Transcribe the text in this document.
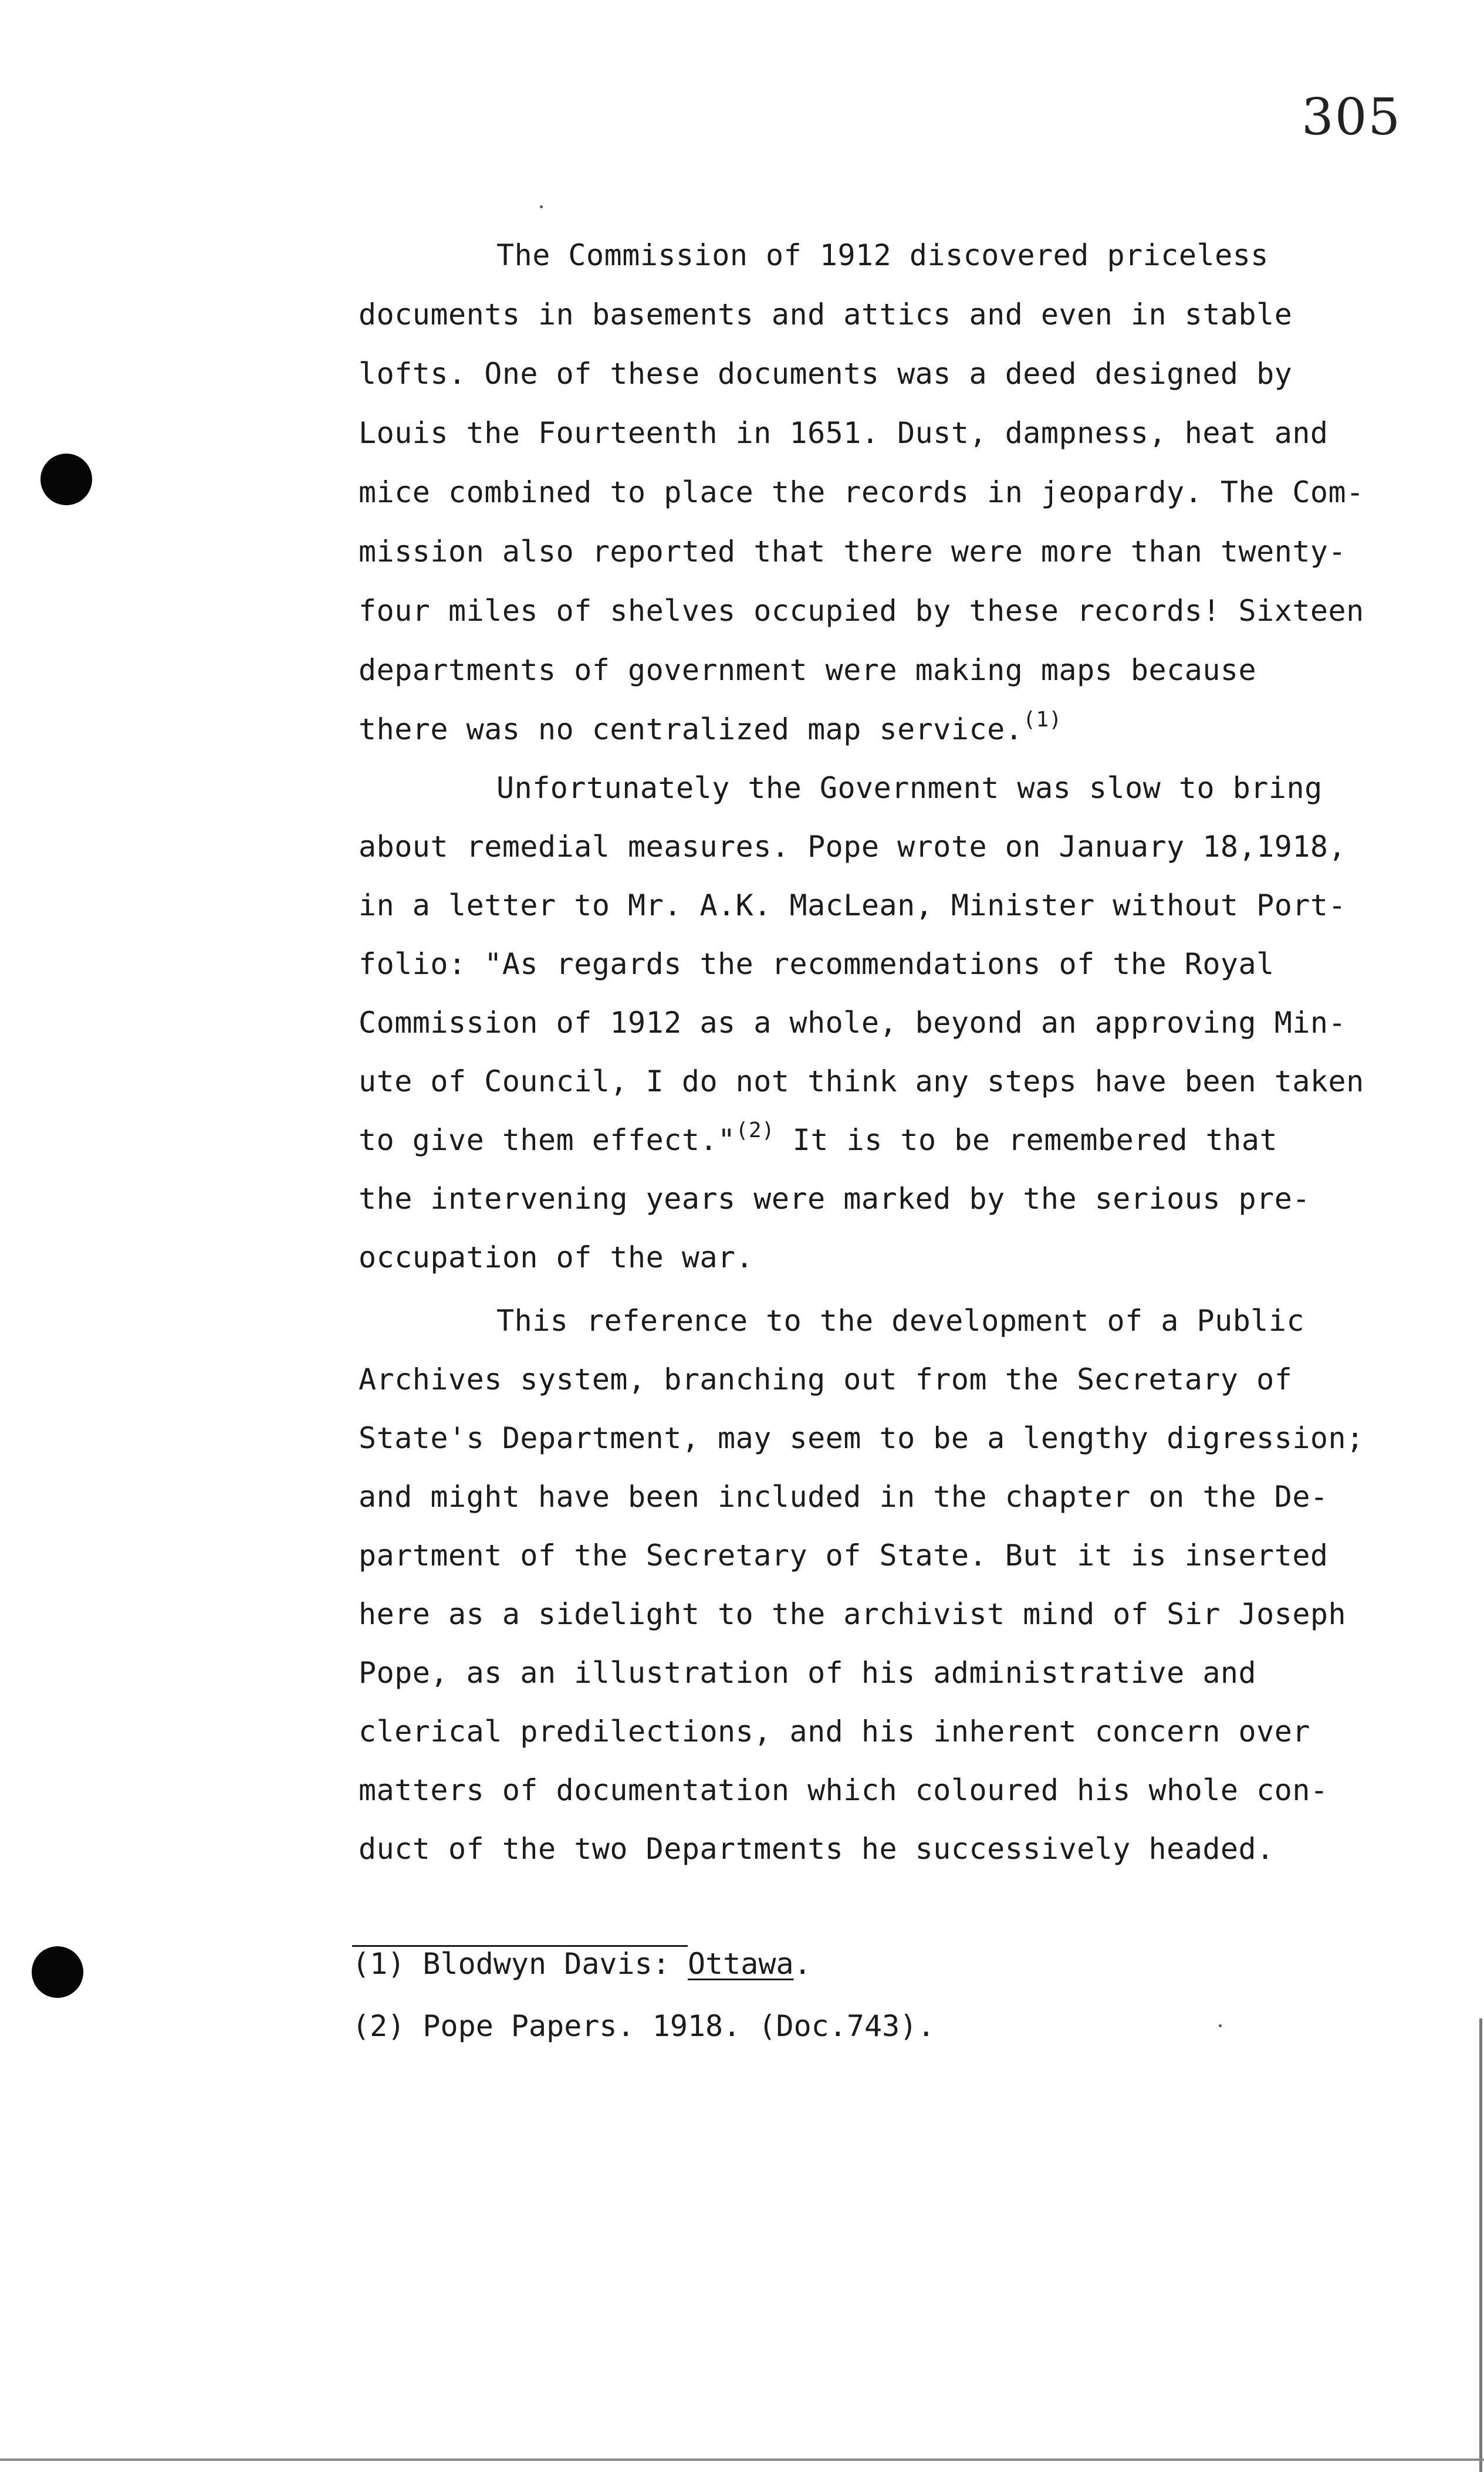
305
The Commission of 1912 discovered priceless
documents in basements and attics and even in stable
lofts. One of these documents was a deed designed by
Louis the Fourteenth in 1651. Dust, dampness, heat and
mice combined to place the records in jeopardy. The Com-
mission also reported that there were more than twenty-
four miles of shelves occupied by these records! Sixteen
departments of government were making maps because
there was no centralized map service.$^{(1)}$
Unfortunately the Government was slow to bring
about remedial measures. Pope wrote on January 18,1918,
in a letter to Mr. A.K. MacLean, Minister without Port-
folio: "As regards the recommendations of the Royal
Commission of 1912 as a whole, beyond an approving Min-
ute of Council, I do not think any steps have been taken
to give them effect."$^{(2)}$ It is to be remembered that
the intervening years were marked by the serious pre-
occupation of the war.
This reference to the development of a Public
Archives system, branching out from the Secretary of
State's Department, may seem to be a lengthy digression;
and might have been included in the chapter on the De-
partment of the Secretary of State. But it is inserted
here as a sidelight to the archivist mind of Sir Joseph
Pope, as an illustration of his administrative and
clerical predilections, and his inherent concern over
matters of documentation which coloured his whole con-
duct of the two Departments he successively headed.
(1) Blodwyn Davis: Ottawa.
(2) Pope Papers. 1918. (Doc.743).
